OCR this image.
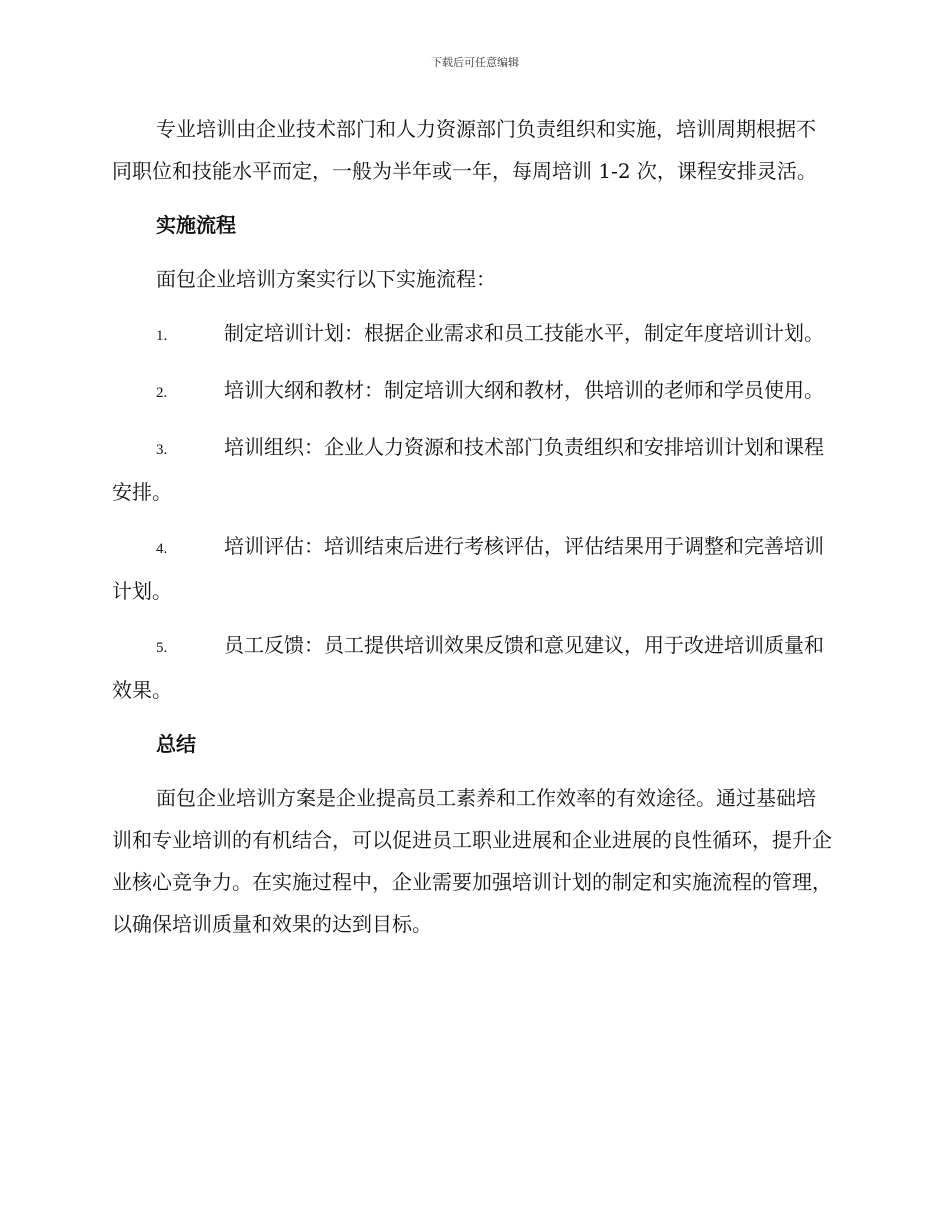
下载后可任意编辑

专业培训由企业技术部门和人力资源部门负责组织和实施，培训周期根据不同职位和技能水平而定，一般为半年或一年，每周培训 1-2 次，课程安排灵活。

实施流程

面包企业培训方案实行以下实施流程：

1.	制定培训计划：根据企业需求和员工技能水平，制定年度培训计划。

2.	培训大纲和教材：制定培训大纲和教材，供培训的老师和学员使用。

3.	培训组织：企业人力资源和技术部门负责组织和安排培训计划和课程安排。

4.	培训评估：培训结束后进行考核评估，评估结果用于调整和完善培训计划。

5.	员工反馈：员工提供培训效果反馈和意见建议，用于改进培训质量和效果。

总结

面包企业培训方案是企业提高员工素养和工作效率的有效途径。通过基础培训和专业培训的有机结合，可以促进员工职业进展和企业进展的良性循环，提升企业核心竞争力。在实施过程中，企业需要加强培训计划的制定和实施流程的管理，以确保培训质量和效果的达到目标。
